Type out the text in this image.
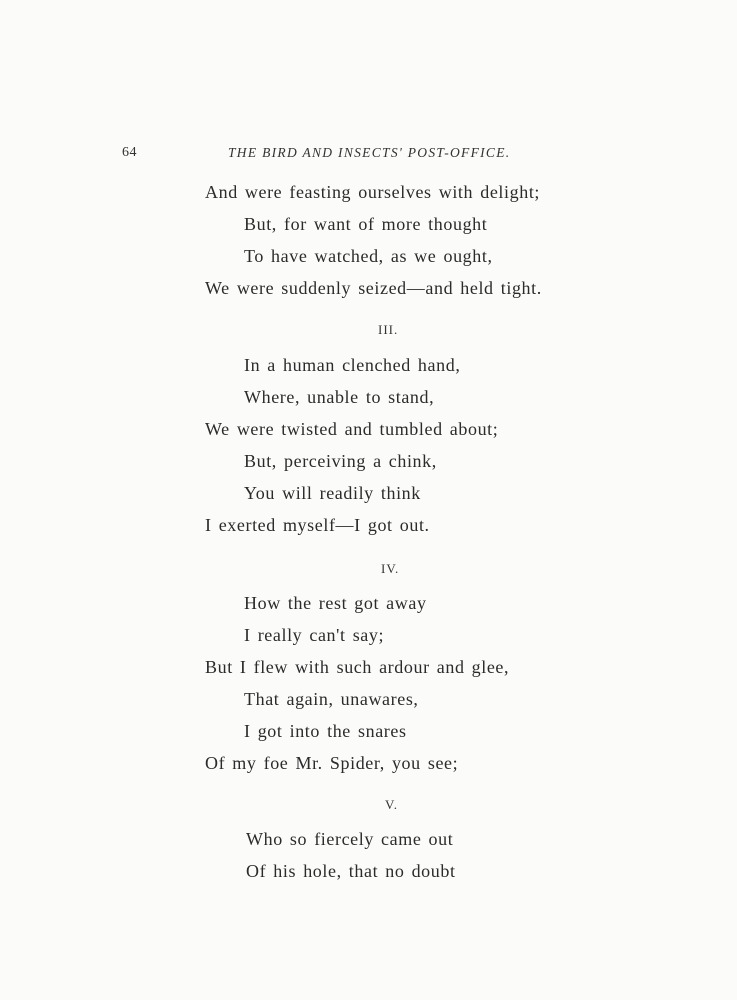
64	THE BIRD AND INSECTS' POST-OFFICE.
And were feasting ourselves with delight;
But, for want of more thought
To have watched, as we ought,
We were suddenly seized—and held tight.
III.
In a human clenched hand,
Where, unable to stand,
We were twisted and tumbled about;
But, perceiving a chink,
You will readily think
I exerted myself—I got out.
IV.
How the rest got away
I really can't say;
But I flew with such ardour and glee,
That again, unawares,
I got into the snares
Of my foe Mr. Spider, you see;
V.
Who so fiercely came out
Of his hole, that no doubt
